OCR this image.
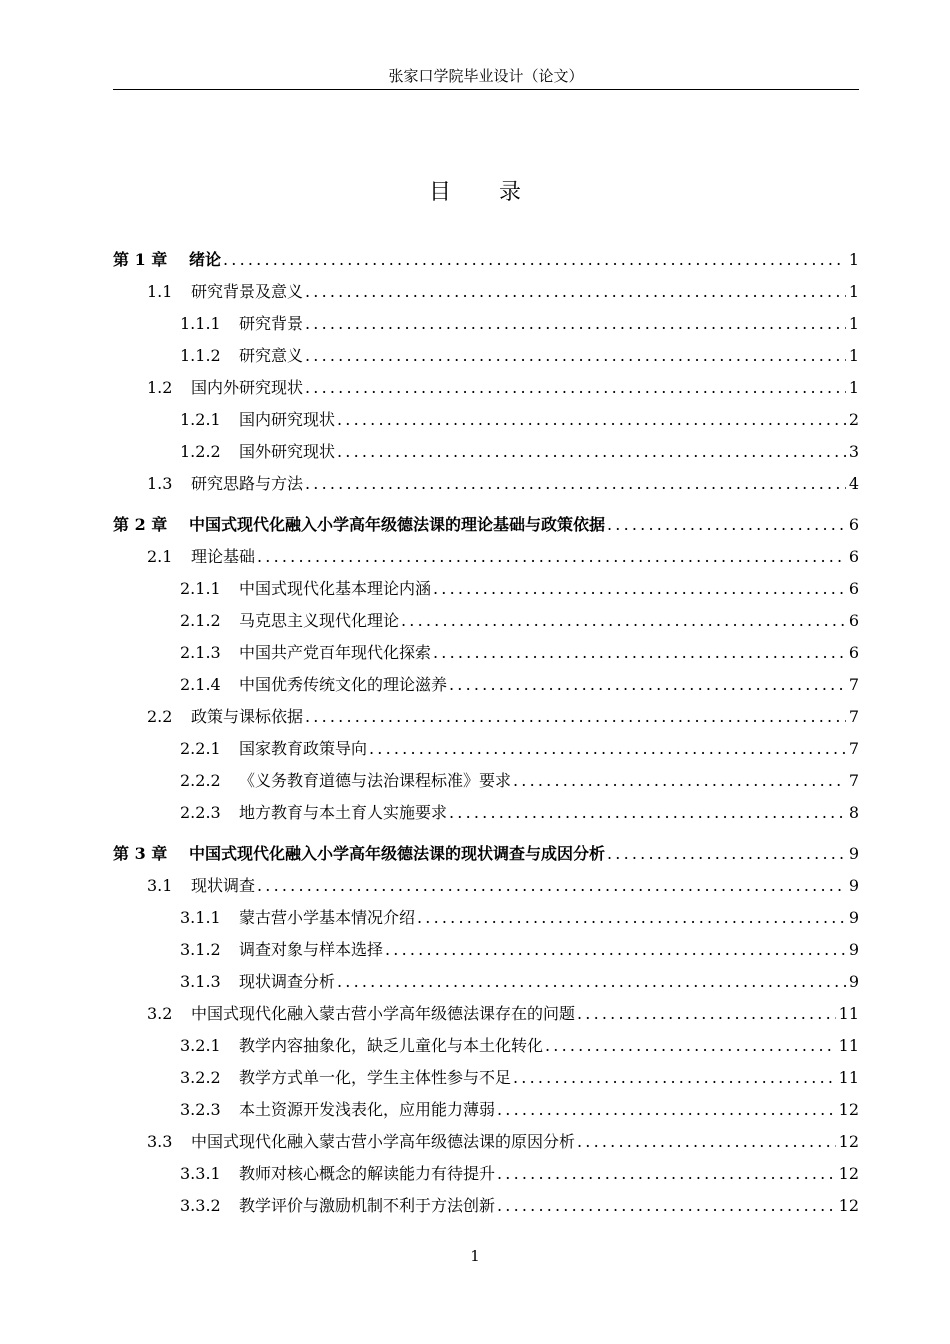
张家口学院毕业设计（论文）
目录
第 1 章	绪论 .....	1
1.1	研究背景及意义 .....	1
1.1.1	研究背景 .....	1
1.1.2	研究意义 .....	1
1.2	国内外研究现状 .....	1
1.2.1	国内研究现状 .....	2
1.2.2	国外研究现状 .....	3
1.3	研究思路与方法 .....	4
第 2 章	中国式现代化融入小学高年级德法课的理论基础与政策依据 .....	6
2.1	理论基础 .....	6
2.1.1	中国式现代化基本理论内涵 .....	6
2.1.2	马克思主义现代化理论 .....	6
2.1.3	中国共产党百年现代化探索 .....	6
2.1.4	中国优秀传统文化的理论滋养 .....	7
2.2	政策与课标依据 .....	7
2.2.1	国家教育政策导向 .....	7
2.2.2	《义务教育道德与法治课程标准》要求 .....	7
2.2.3	地方教育与本土育人实施要求 .....	8
第 3 章	中国式现代化融入小学高年级德法课的现状调查与成因分析 .....	9
3.1	现状调查 .....	9
3.1.1	蒙古营小学基本情况介绍 .....	9
3.1.2	调查对象与样本选择 .....	9
3.1.3	现状调查分析 .....	9
3.2	中国式现代化融入蒙古营小学高年级德法课存在的问题 .....	11
3.2.1	教学内容抽象化，缺乏儿童化与本土化转化 .....	11
3.2.2	教学方式单一化，学生主体性参与不足 .....	11
3.2.3	本土资源开发浅表化，应用能力薄弱 .....	12
3.3	中国式现代化融入蒙古营小学高年级德法课的原因分析 .....	12
3.3.1	教师对核心概念的解读能力有待提升 .....	12
3.3.2	教学评价与激励机制不利于方法创新 .....	12
1
